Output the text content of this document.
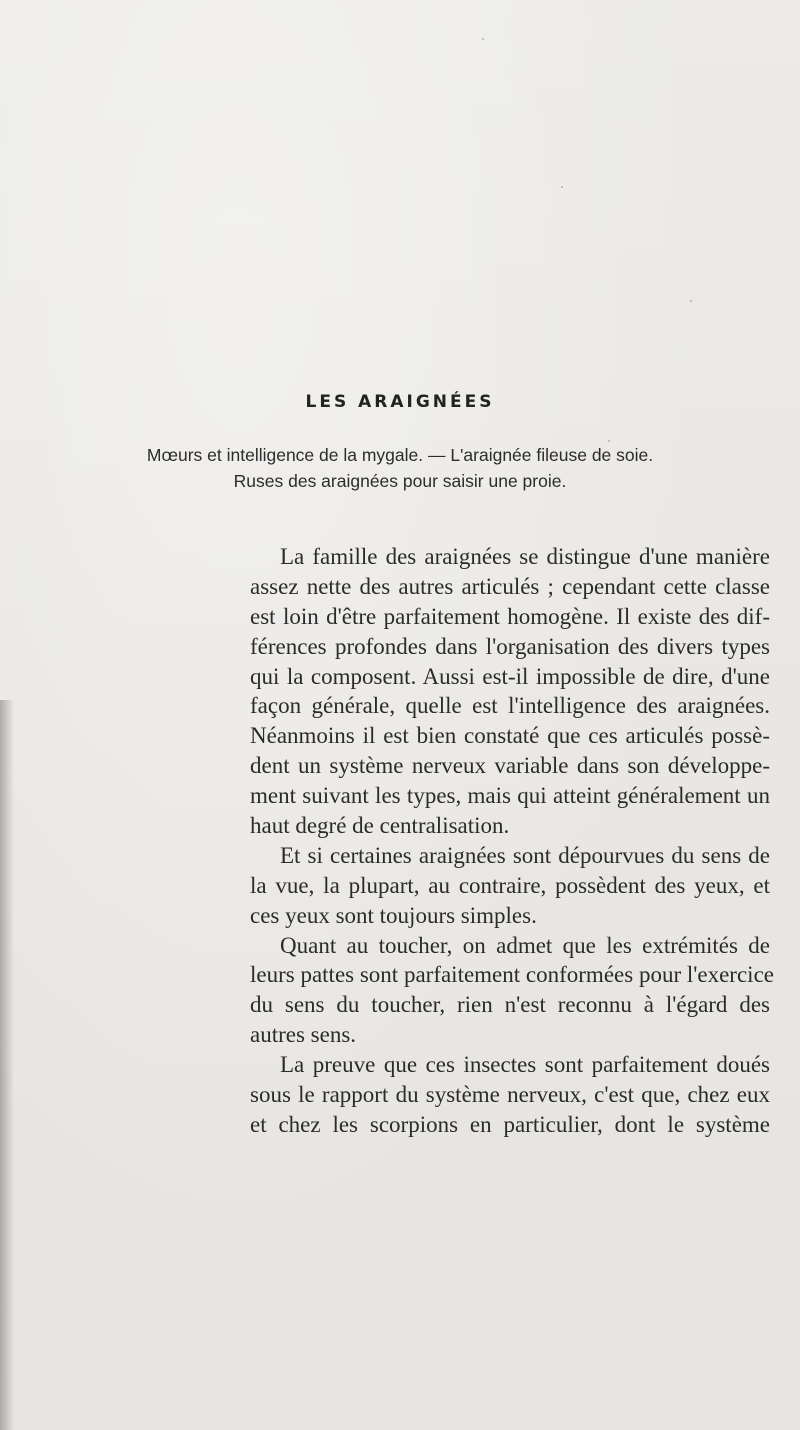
LES ARAIGNÉES
Mœurs et intelligence de la mygale. — L'araignée fileuse de soie.
Ruses des araignées pour saisir une proie.
La famille des araignées se distingue d'une manière
assez nette des autres articulés ; cependant cette classe
est loin d'être parfaitement homogène. Il existe des dif-
férences profondes dans l'organisation des divers types
qui la composent. Aussi est-il impossible de dire, d'une
façon générale, quelle est l'intelligence des araignées.
Néanmoins il est bien constaté que ces articulés possè-
dent un système nerveux variable dans son développe-
ment suivant les types, mais qui atteint généralement un
haut degré de centralisation.
Et si certaines araignées sont dépourvues du sens de
la vue, la plupart, au contraire, possèdent des yeux, et
ces yeux sont toujours simples.
Quant au toucher, on admet que les extrémités de
leurs pattes sont parfaitement conformées pour l'exercice
du sens du toucher, rien n'est reconnu à l'égard des
autres sens.
La preuve que ces insectes sont parfaitement doués
sous le rapport du système nerveux, c'est que, chez eux
et chez les scorpions en particulier, dont le système
